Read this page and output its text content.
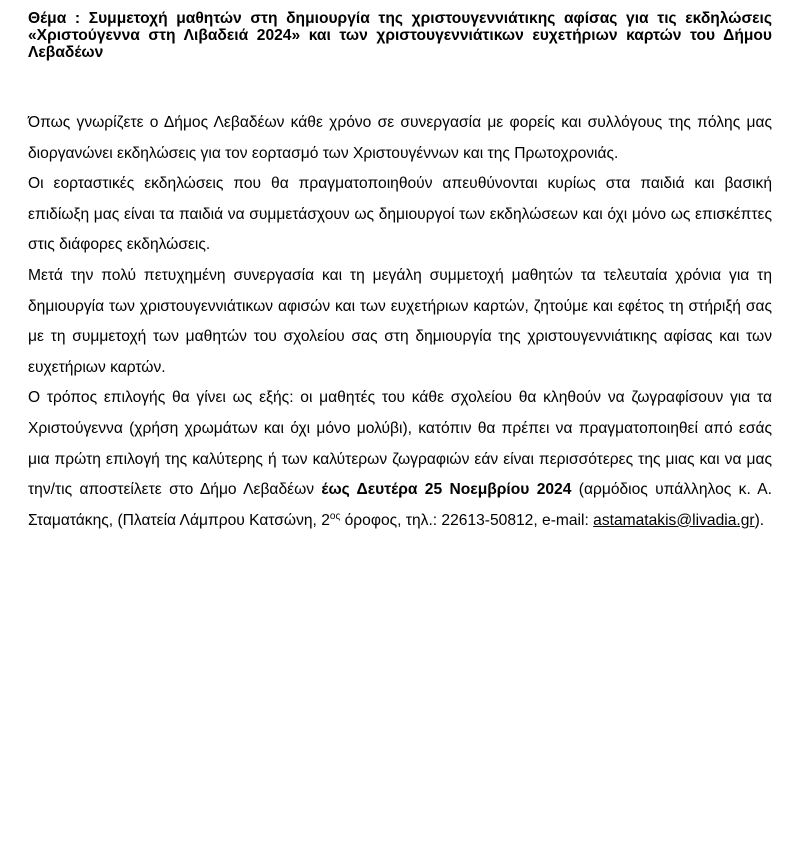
Θέμα : Συμμετοχή μαθητών στη δημιουργία της χριστουγεννιάτικης αφίσας για τις εκδηλώσεις «Χριστούγεννα στη Λιβαδειά 2024» και των χριστουγεννιάτικων ευχετήριων καρτών του Δήμου Λεβαδέων

Όπως γνωρίζετε ο Δήμος Λεβαδέων κάθε χρόνο σε συνεργασία με φορείς και συλλόγους της πόλης μας διοργανώνει εκδηλώσεις για τον εορτασμό των Χριστουγέννων και της Πρωτοχρονιάς.

Οι εορταστικές εκδηλώσεις που θα πραγματοποιηθούν απευθύνονται κυρίως στα παιδιά και βασική επιδίωξη μας είναι τα παιδιά να συμμετάσχουν ως δημιουργοί των εκδηλώσεων και όχι μόνο ως επισκέπτες στις διάφορες εκδηλώσεις.

Μετά την πολύ πετυχημένη συνεργασία και τη μεγάλη συμμετοχή μαθητών τα τελευταία χρόνια για τη δημιουργία των χριστουγεννιάτικων αφισών και των ευχετήριων καρτών, ζητούμε και εφέτος τη στήριξή σας με τη συμμετοχή των μαθητών του σχολείου σας στη δημιουργία της χριστουγεννιάτικης αφίσας και των ευχετήριων καρτών.

Ο τρόπος επιλογής θα γίνει ως εξής: οι μαθητές του κάθε σχολείου θα κληθούν να ζωγραφίσουν για τα Χριστούγεννα (χρήση χρωμάτων και όχι μόνο μολύβι), κατόπιν θα πρέπει να πραγματοποιηθεί από εσάς μια πρώτη επιλογή της καλύτερης ή των καλύτερων ζωγραφιών εάν είναι περισσότερες της μιας και να μας την/τις αποστείλετε στο Δήμο Λεβαδέων έως Δευτέρα 25 Νοεμβρίου 2024 (αρμόδιος υπάλληλος κ. Α. Σταματάκης, (Πλατεία Λάμπρου Κατσώνη, $2^{o\varsigma}$ όροφος, τηλ.: 22613-50812, e-mail: astamatakis@livadia.gr).
